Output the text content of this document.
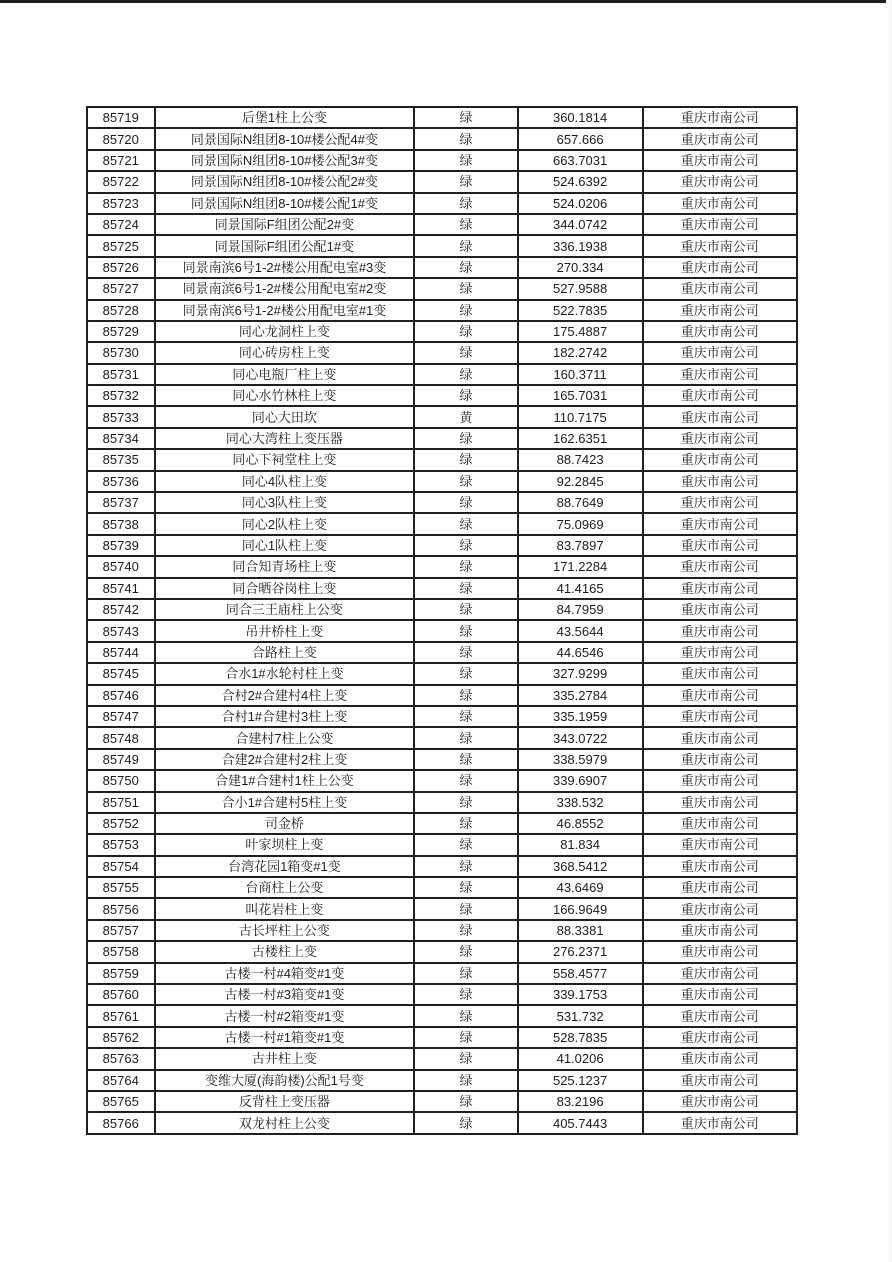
85719	后堡1柱上公变	绿	360.1814	重庆市南公司
85720	同景国际N组团8-10#楼公配4#变	绿	657.666	重庆市南公司
85721	同景国际N组团8-10#楼公配3#变	绿	663.7031	重庆市南公司
85722	同景国际N组团8-10#楼公配2#变	绿	524.6392	重庆市南公司
85723	同景国际N组团8-10#楼公配1#变	绿	524.0206	重庆市南公司
85724	同景国际F组团公配2#变	绿	344.0742	重庆市南公司
85725	同景国际F组团公配1#变	绿	336.1938	重庆市南公司
85726	同景南滨6号1-2#楼公用配电室#3变	绿	270.334	重庆市南公司
85727	同景南滨6号1-2#楼公用配电室#2变	绿	527.9588	重庆市南公司
85728	同景南滨6号1-2#楼公用配电室#1变	绿	522.7835	重庆市南公司
85729	同心龙洞柱上变	绿	175.4887	重庆市南公司
85730	同心砖房柱上变	绿	182.2742	重庆市南公司
85731	同心电瓶厂柱上变	绿	160.3711	重庆市南公司
85732	同心水竹林柱上变	绿	165.7031	重庆市南公司
85733	同心大田坎	黄	110.7175	重庆市南公司
85734	同心大湾柱上变压器	绿	162.6351	重庆市南公司
85735	同心下祠堂柱上变	绿	88.7423	重庆市南公司
85736	同心4队柱上变	绿	92.2845	重庆市南公司
85737	同心3队柱上变	绿	88.7649	重庆市南公司
85738	同心2队柱上变	绿	75.0969	重庆市南公司
85739	同心1队柱上变	绿	83.7897	重庆市南公司
85740	同合知青场柱上变	绿	171.2284	重庆市南公司
85741	同合晒谷岗柱上变	绿	41.4165	重庆市南公司
85742	同合三王庙柱上公变	绿	84.7959	重庆市南公司
85743	吊井桥柱上变	绿	43.5644	重庆市南公司
85744	合路柱上变	绿	44.6546	重庆市南公司
85745	合水1#水轮村柱上变	绿	327.9299	重庆市南公司
85746	合村2#合建村4柱上变	绿	335.2784	重庆市南公司
85747	合村1#合建村3柱上变	绿	335.1959	重庆市南公司
85748	合建村7柱上公变	绿	343.0722	重庆市南公司
85749	合建2#合建村2柱上变	绿	338.5979	重庆市南公司
85750	合建1#合建村1柱上公变	绿	339.6907	重庆市南公司
85751	合小1#合建村5柱上变	绿	338.532	重庆市南公司
85752	司金桥	绿	46.8552	重庆市南公司
85753	叶家坝柱上变	绿	81.834	重庆市南公司
85754	台湾花园1箱变#1变	绿	368.5412	重庆市南公司
85755	台商柱上公变	绿	43.6469	重庆市南公司
85756	叫花岩柱上变	绿	166.9649	重庆市南公司
85757	古长坪柱上公变	绿	88.3381	重庆市南公司
85758	古楼柱上变	绿	276.2371	重庆市南公司
85759	古楼一村#4箱变#1变	绿	558.4577	重庆市南公司
85760	古楼一村#3箱变#1变	绿	339.1753	重庆市南公司
85761	古楼一村#2箱变#1变	绿	531.732	重庆市南公司
85762	古楼一村#1箱变#1变	绿	528.7835	重庆市南公司
85763	古井柱上变	绿	41.0206	重庆市南公司
85764	变维大厦(海韵楼)公配1号变	绿	525.1237	重庆市南公司
85765	反背柱上变压器	绿	83.2196	重庆市南公司
85766	双龙村柱上公变	绿	405.7443	重庆市南公司
